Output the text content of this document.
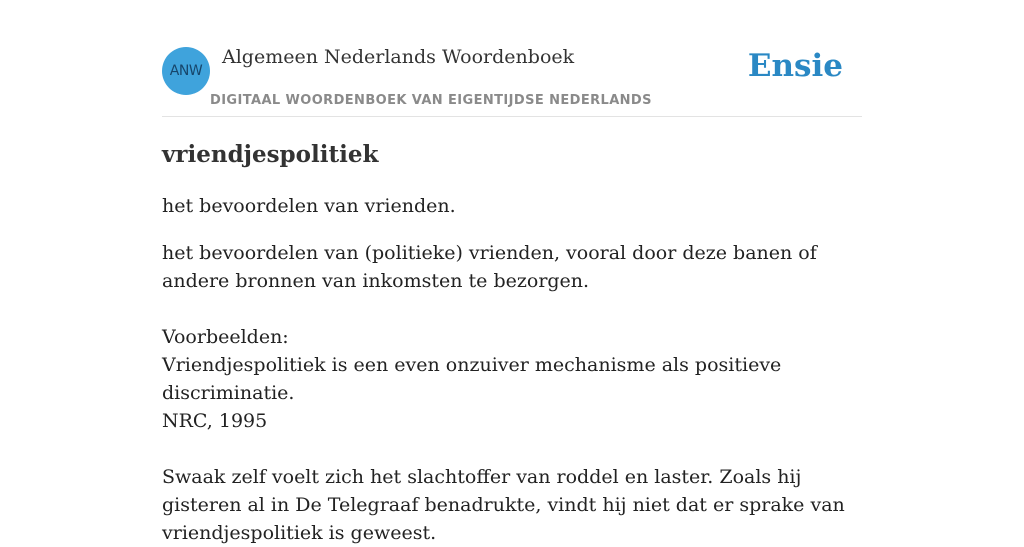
ANW
Algemeen Nederlands Woordenboek
DIGITAAL WOORDENBOEK VAN EIGENTIJDSE NEDERLANDS
Ensie
vriendjespolitiek

het bevoordelen van vrienden.

het bevoordelen van (politieke) vrienden, vooral door deze banen of andere bronnen van inkomsten te bezorgen.

Voorbeelden:
Vriendjespolitiek is een even onzuiver mechanisme als positieve discriminatie.
NRC, 1995
Swaak zelf voelt zich het slachtoffer van roddel en laster. Zoals hij gisteren al in De Telegraaf benadrukte, vindt hij niet dat er sprake van vriendjespolitiek is geweest.
